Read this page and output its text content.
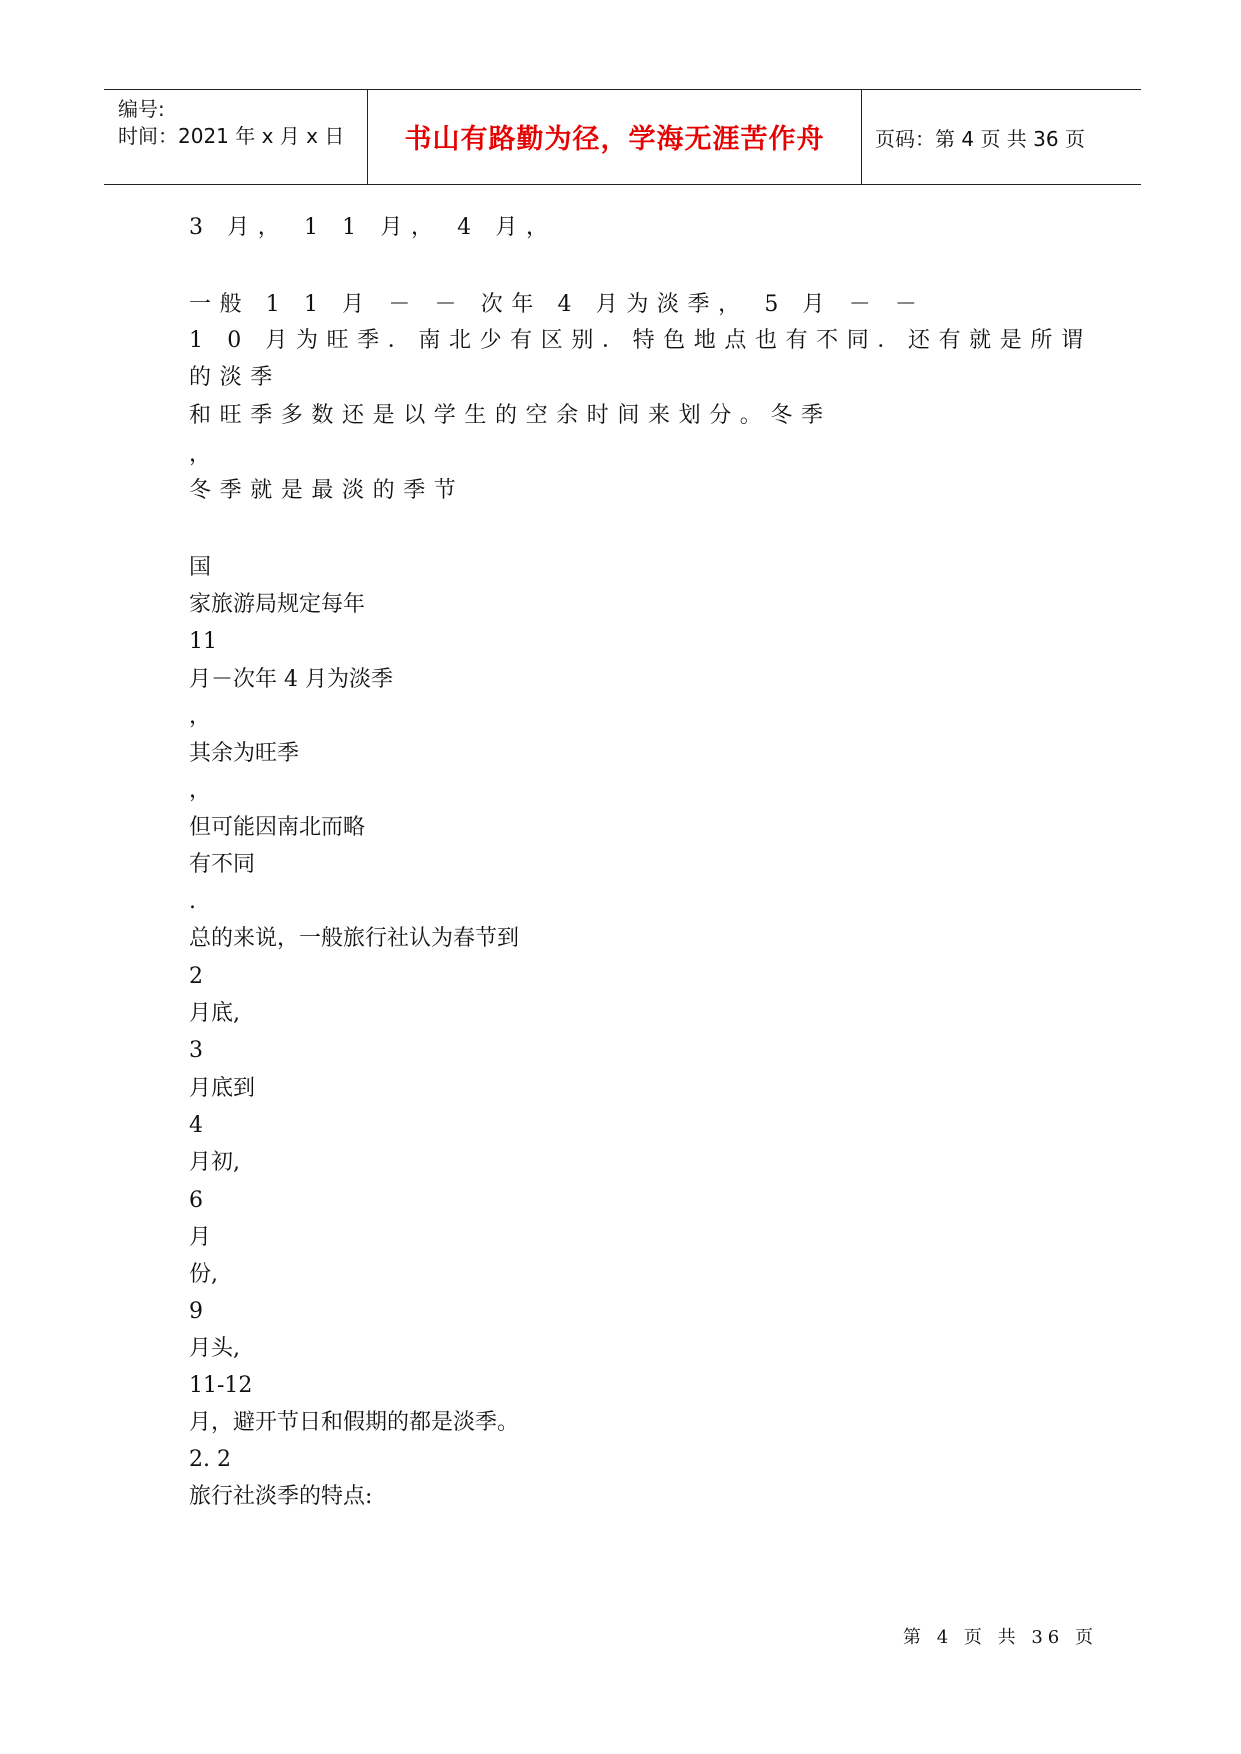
编号:
时间：2021 年 x 月 x 日	书山有路勤为径，学海无涯苦作舟	页码：第 4 页 共 36 页
3 月， 1 1 月， 4 月，
一般 1 1 月 － － 次年 4 月为淡季， 5 月 － －
1 0 月为旺季．南北少有区别．特色地点也有不同．还有就是所谓
的淡季
和旺季多数还是以学生的空余时间来划分。冬季
，
冬季就是最淡的季节
国
家旅游局规定每年
11
月－次年 4 月为淡季
，
其余为旺季
，
但可能因南北而略
有不同
.
总的来说，一般旅行社认为春节到
2
月底,
3
月底到
4
月初,
6
月
份,
9
月头,
11-12
月，避开节日和假期的都是淡季。
2. 2
旅行社淡季的特点:
第 4 页 共 36 页
